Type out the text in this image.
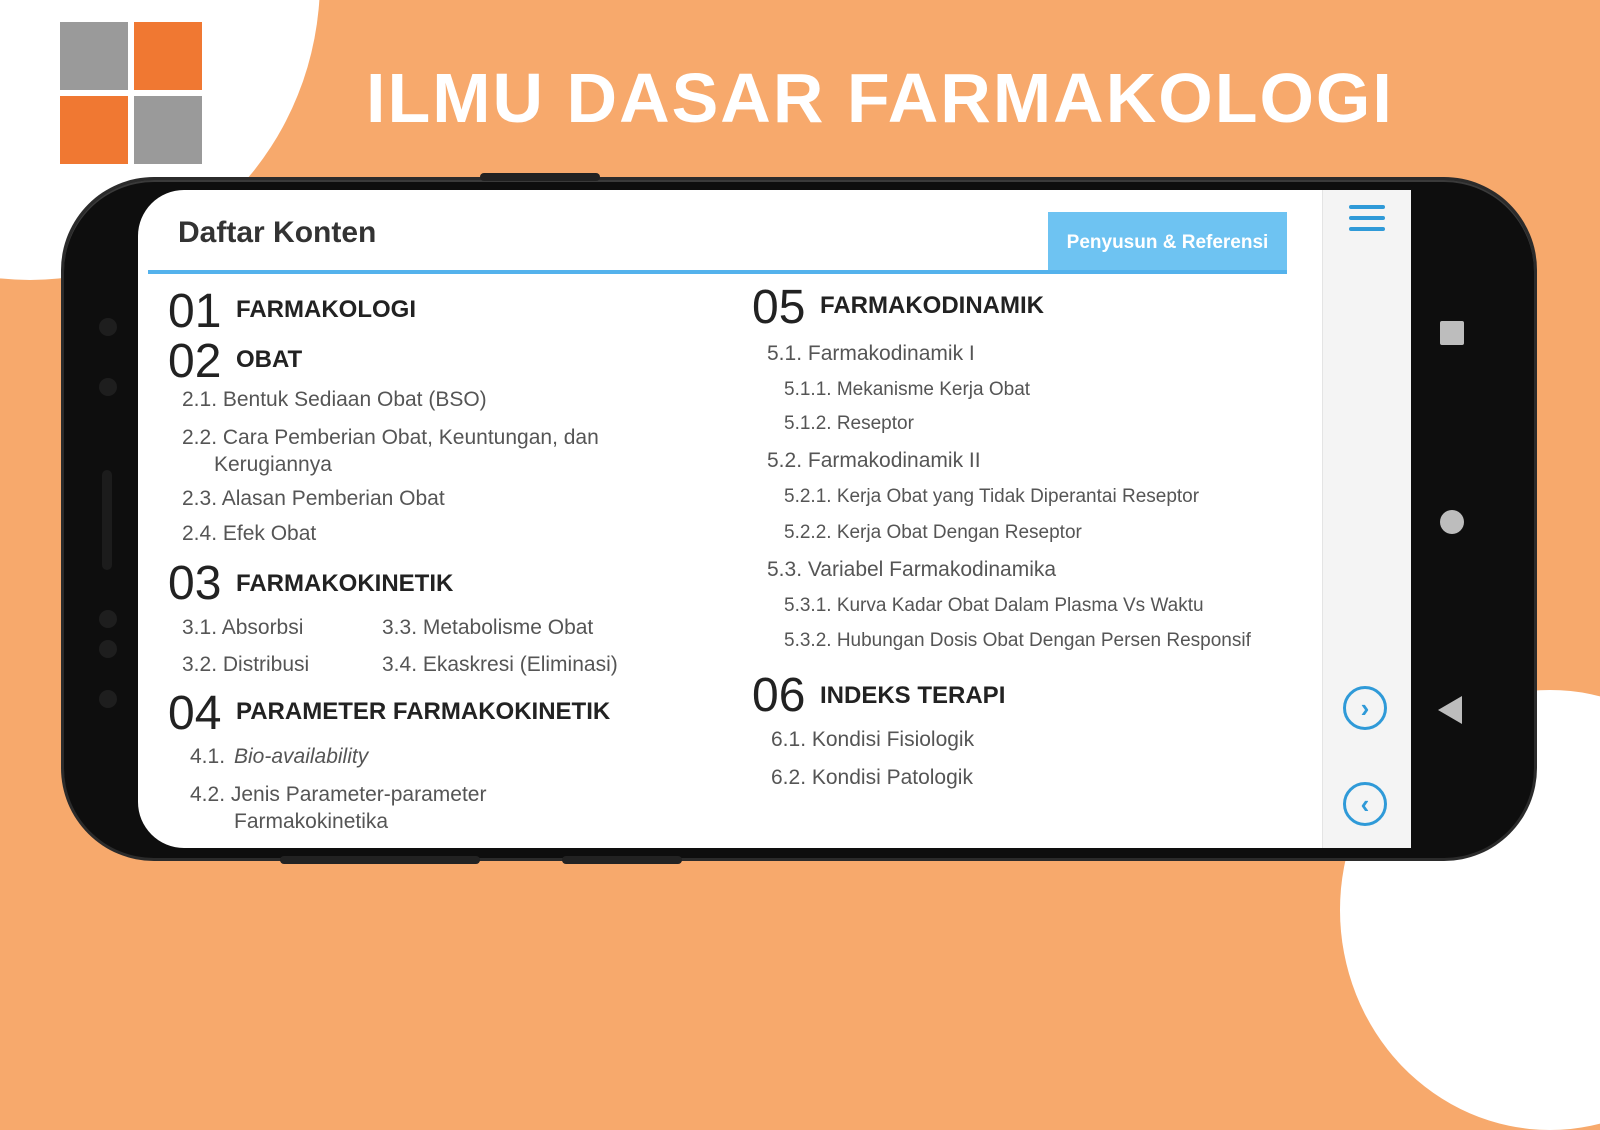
ILMU DASAR FARMAKOLOGI
›
‹
Daftar Konten	Penyusun & Referensi
01 FARMAKOLOGI
02 OBAT
2.1. Bentuk Sediaan Obat (BSO)
2.2. Cara Pemberian Obat, Keuntungan, dan
Kerugiannya
2.3. Alasan Pemberian Obat
2.4. Efek Obat
03 FARMAKOKINETIK
3.1. Absorbsi	3.3. Metabolisme Obat
3.2. Distribusi	3.4. Ekaskresi (Eliminasi)
04 PARAMETER FARMAKOKINETIK
4.1. Bio-availability
4.2. Jenis Parameter-parameter
Farmakokinetika
05 FARMAKODINAMIK
5.1. Farmakodinamik I
5.1.1. Mekanisme Kerja Obat
5.1.2. Reseptor
5.2. Farmakodinamik II
5.2.1. Kerja Obat yang Tidak Diperantai Reseptor
5.2.2. Kerja Obat Dengan Reseptor
5.3. Variabel Farmakodinamika
5.3.1. Kurva Kadar Obat Dalam Plasma Vs Waktu
5.3.2. Hubungan Dosis Obat Dengan Persen Responsif
06 INDEKS TERAPI
6.1. Kondisi Fisiologik
6.2. Kondisi Patologik
